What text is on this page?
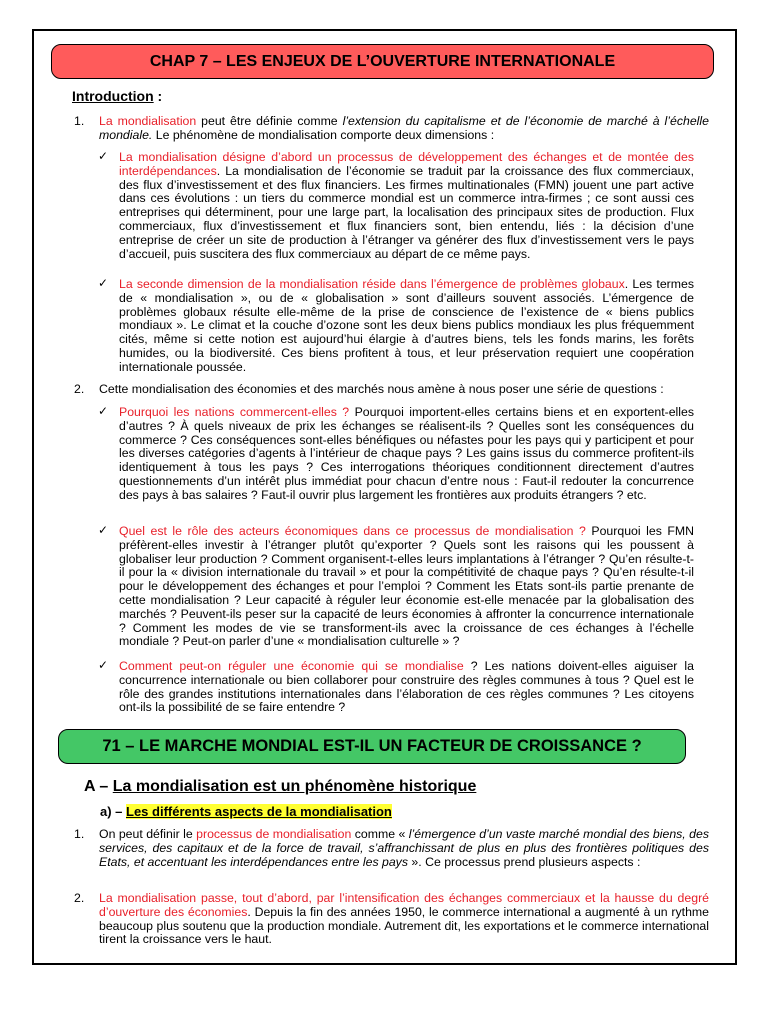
CHAP 7 – LES ENJEUX DE L’OUVERTURE INTERNATIONALE
Introduction :
1. La mondialisation peut être définie comme l’extension du capitalisme et de l’économie de marché à l’échelle mondiale. Le phénomène de mondialisation comporte deux dimensions :
✓ La mondialisation désigne d’abord un processus de développement des échanges et de montée des interdépendances. La mondialisation de l’économie se traduit par la croissance des flux commerciaux, des flux d’investissement et des flux financiers. Les firmes multinationales (FMN) jouent une part active dans ces évolutions : un tiers du commerce mondial est un commerce intra-firmes ; ce sont aussi ces entreprises qui déterminent, pour une large part, la localisation des principaux sites de production. Flux commerciaux, flux d’investissement et flux financiers sont, bien entendu, liés : la décision d’une entreprise de créer un site de production à l’étranger va générer des flux d’investissement vers le pays d’accueil, puis suscitera des flux commerciaux au départ de ce même pays.
✓ La seconde dimension de la mondialisation réside dans l’émergence de problèmes globaux. Les termes de « mondialisation », ou de « globalisation » sont d’ailleurs souvent associés. L’émergence de problèmes globaux résulte elle-même de la prise de conscience de l’existence de « biens publics mondiaux ». Le climat et la couche d’ozone sont les deux biens publics mondiaux les plus fréquemment cités, même si cette notion est aujourd’hui élargie à d’autres biens, tels les fonds marins, les forêts humides, ou la biodiversité. Ces biens profitent à tous, et leur préservation requiert une coopération internationale poussée.
2. Cette mondialisation des économies et des marchés nous amène à nous poser une série de questions :
✓ Pourquoi les nations commercent-elles ? Pourquoi importent-elles certains biens et en exportent-elles d’autres ? À quels niveaux de prix les échanges se réalisent-ils ? Quelles sont les conséquences du commerce ? Ces conséquences sont-elles bénéfiques ou néfastes pour les pays qui y participent et pour les diverses catégories d’agents à l’intérieur de chaque pays ? Les gains issus du commerce profitent-ils identiquement à tous les pays ? Ces interrogations théoriques conditionnent directement d’autres questionnements d’un intérêt plus immédiat pour chacun d’entre nous : Faut-il redouter la concurrence des pays à bas salaires ? Faut-il ouvrir plus largement les frontières aux produits étrangers ? etc.
✓ Quel est le rôle des acteurs économiques dans ce processus de mondialisation ? Pourquoi les FMN préfèrent-elles investir à l’étranger plutôt qu’exporter ? Quels sont les raisons qui les poussent à globaliser leur production ? Comment organisent-t-elles leurs implantations à l’étranger ? Qu’en résulte-t-il pour la « division internationale du travail » et pour la compétitivité de chaque pays ? Qu’en résulte-t-il pour le développement des échanges et pour l’emploi ? Comment les Etats sont-ils partie prenante de cette mondialisation ? Leur capacité à réguler leur économie est-elle menacée par la globalisation des marchés ? Peuvent-ils peser sur la capacité de leurs économies à affronter la concurrence internationale ? Comment les modes de vie se transforment-ils avec la croissance de ces échanges à l’échelle mondiale ? Peut-on parler d’une « mondialisation culturelle » ?
✓ Comment peut-on réguler une économie qui se mondialise ? Les nations doivent-elles aiguiser la concurrence internationale ou bien collaborer pour construire des règles communes à tous ? Quel est le rôle des grandes institutions internationales dans l’élaboration de ces règles communes ? Les citoyens ont-ils la possibilité de se faire entendre ?
71 – LE MARCHE MONDIAL EST-IL UN FACTEUR DE CROISSANCE ?
A – La mondialisation est un phénomène historique
a) – Les différents aspects de la mondialisation
1. On peut définir le processus de mondialisation comme « l’émergence d’un vaste marché mondial des biens, des services, des capitaux et de la force de travail, s’affranchissant de plus en plus des frontières politiques des Etats, et accentuant les interdépendances entre les pays ». Ce processus prend plusieurs aspects :
2. La mondialisation passe, tout d’abord, par l’intensification des échanges commerciaux et la hausse du degré d’ouverture des économies. Depuis la fin des années 1950, le commerce international a augmenté à un rythme beaucoup plus soutenu que la production mondiale. Autrement dit, les exportations et le commerce international tirent la croissance vers le haut.
